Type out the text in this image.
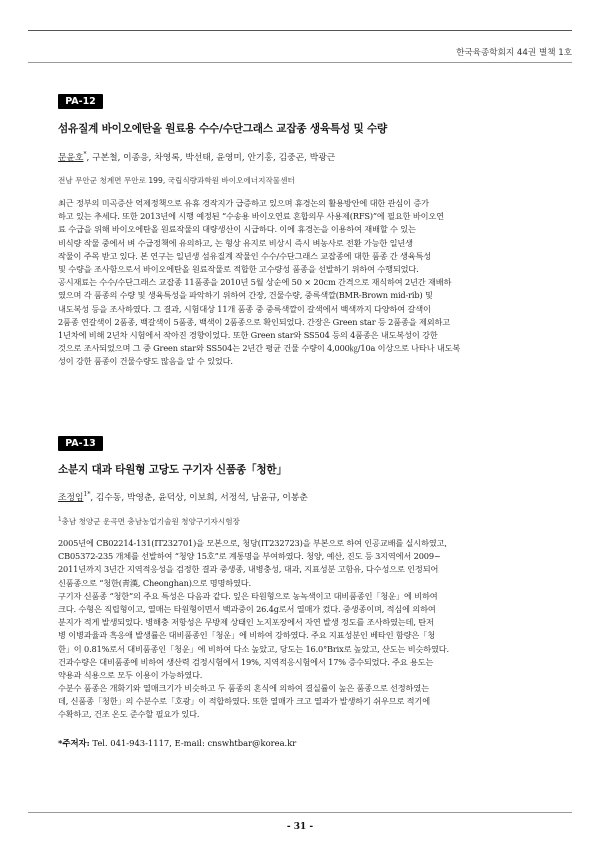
한국육종학회지 44권 별책 1호
PA-12
섬유질계 바이오에탄올 원료용 수수/수단그래스 교잡종 생육특성 및 수량
문윤호*, 구본철, 이종응, 차영록, 박선태, 윤영미, 안기홍, 김중곤, 박광근
전남 무안군 청계면 무안로 199, 국립식량과학원 바이오에너지작물센터
최근 정부의 미곡증산 억제정책으로 유휴 경작지가 급증하고 있으며 휴경논의 활용방안에 대한 관심이 증가
하고 있는 추세다. 또한 2013년에 시행 예정된 “수송용 바이오연료 혼합의무 사용제(RFS)”에 필요한 바이오연
료 수급을 위해 바이오에탄올 원료작물의 대량생산이 시급하다. 이에 휴경논을 이용하여 재배할 수 있는
비식량 작물 중에서 벼 수급정책에 유의하고, 논 형상 유지로 비상시 즉시 벼농사로 전환 가능한 일년생
작물이 주목 받고 있다. 본 연구는 일년생 섬유질계 작물인 수수/수단그래스 교잡종에 대한 품종 간 생육특성
및 수량을 조사함으로서 바이오에탄올 원료작물로 적합한 고수량성 품종을 선발하기 위하여 수행되었다.
공시재료는 수수/수단그래스 교잡종 11품종을 2010년 5월 상순에 50 × 20cm 간격으로 재식하여 2년간 재배하
였으며 각 품종의 수량 및 생육특성을 파악하기 위하여 간장, 건물수량, 중륵색깔(BMR-Brown mid-rib) 및
내도복성 등을 조사하였다. 그 결과, 시험대상 11개 품종 중 중륵색깔이 갈색에서 백색까지 다양하여 갈색이
2품종 연갈색이 2품종, 백갈색이 5품종, 백색이 2품종으로 확인되었다. 간장은 Green star 등 2품종을 제외하고
1년차에 비해 2년차 시험에서 작아진 경향이었다. 또한 Green star와 SS504 등의 4품종은 내도복성이 강한
것으로 조사되었으며 그 중 Green star와 SS504는 2년간 평균 건물 수량이 4,000㎏/10a 이상으로 나타나 내도복
성이 강한 품종이 건물수량도 많음을 알 수 있었다.
PA-13
소분지 대과 타원형 고당도 구기자 신품종「청한」
조정임$^{1*}$, 김수동, 박영춘, 윤덕상, 이보희, 서정석, 남윤규, 이봉춘
$^1$충남 청양군 운곡면 충남농업기술원 청양구기자시험장
2005년에 CB02214-131(IT232701)을 모본으로, 청당(IT232723)을 부본으로 하여 인공교배를 실시하였고,
CB05372-235 개체를 선발하여 “청양 15호”로 계통명을 부여하였다. 청양, 예산, 진도 등 3지역에서 2009~
2011년까지 3년간 지역적응성을 검정한 결과 중생종, 내병충성, 대과, 지표성분 고함유, 다수성으로 인정되어
신품종으로 “청한(靑漢, Cheonghan)으로 명명하였다.
구기자 신품종 “청한”의 주요 특성은 다음과 같다. 잎은 타원형으로 농녹색이고 대비품종인「청운」에 비하여
크다. 수형은 직립형이고, 열매는 타원형이면서 백과중이 26.4g로서 열매가 컸다. 중생종이며, 적심에 의하여
분지가 적게 발생되었다. 병해충 저항성은 무방제 상태인 노지포장에서 자연 발생 정도를 조사하였는데, 탄저
병 이병과율과 흑응애 발생률은 대비품종인「청운」에 비하여 강하였다. 주요 지표성분인 베타인 함량은「청
한」이 0.81%로서 대비품종인「청운」에 비하여 다소 높았고, 당도는 16.0°Brix로 높았고, 산도는 비슷하였다.
건과수량은 대비품종에 비하여 생산력 검정시험에서 19%, 지역적응시험에서 17% 증수되었다. 주요 용도는
약용과 식용으로 모두 이용이 가능하였다.
수분수 품종은 개화기와 열매크기가 비슷하고 두 품종의 혼식에 의하여 결실률이 높은 품종으로 선정하였는
데, 신품종「청한」의 수분수로「호광」이 적합하였다. 또한 열매가 크고 열과가 발생하기 쉬우므로 적기에
수확하고, 건조 온도 준수할 필요가 있다.
*주저자: Tel. 041-943-1117, E-mail: cnswhtbar@korea.kr
- 31 -
